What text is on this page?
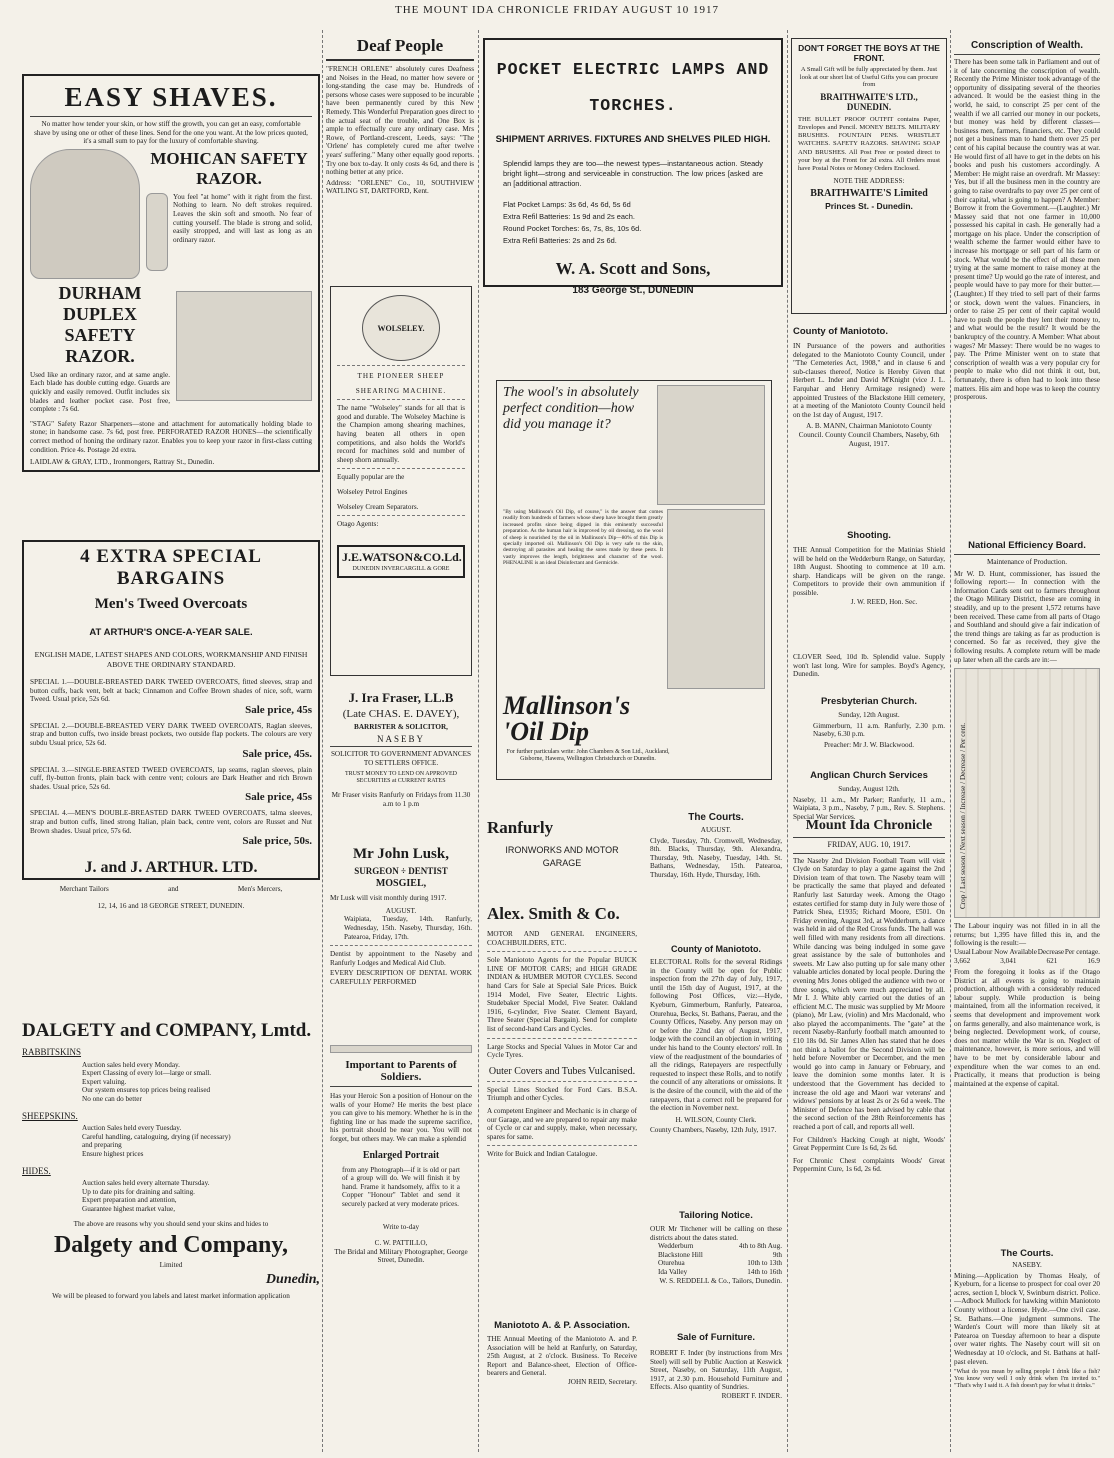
THE MOUNT IDA CHRONICLE FRIDAY AUGUST 10 1917
EASY SHAVES.
No matter how tender your skin, or how stiff the growth, you can get an easy, comfortable shave by using one or other of these lines. Send for the one you want. At the low prices quoted, it's a small sum to pay for the luxury of comfortable shaving.
MOHICAN SAFETY RAZOR.
You feel "at home" with it right from the first. Nothing to learn. No deft strokes required. Leaves the skin soft and smooth. No fear of cutting yourself. The blade is strong and solid, easily stropped, and will last as long as an ordinary razor.
DURHAM DUPLEX SAFETY RAZOR.
Used like an ordinary razor, and at same angle. Each blade has double cutting edge. Guards are quickly and easily removed. Outfit includes six blades and leather pocket case. Post free, complete : 7s 6d.
"STAG" Safety Razor Sharpeners—stone and attachment for automatically holding blade to stone; in handsome case. 7s 6d, post free. PERFORATED RAZOR HONES—the scientifically correct method of honing the ordinary razor. Enables you to keep your razor in first-class cutting condition. Price 4s. Postage 2d extra.
LAIDLAW & GRAY, LTD., Ironmongers, Rattray St., Dunedin.
4 EXTRA SPECIAL BARGAINS
Men's Tweed Overcoats
AT ARTHUR'S ONCE-A-YEAR SALE.
ENGLISH MADE, LATEST SHAPES AND COLORS, WORKMANSHIP AND FINISH ABOVE THE ORDINARY STANDARD.
SPECIAL 1.—DOUBLE-BREASTED DARK TWEED OVERCOATS, fitted sleeves, strap and button cuffs, back vent, belt at back; Cinnamon and Coffee Brown shades of nice, soft, warm Tweed. Usual price, 52s 6d.
Sale price, 45s
SPECIAL 2.—DOUBLE-BREASTED VERY DARK TWEED OVERCOATS, Raglan sleeves, strap and button cuffs, two inside breast pockets, two outside flap pockets. The colours are very subdu Usual price, 52s 6d.
Sale price, 45s.
SPECIAL 3.—SINGLE-BREASTED TWEED OVERCOATS, lap seams, raglan sleeves, plain cuff, fly-button fronts, plain back with centre vent; colours are Dark Heather and rich Brown shades. Usual price, 52s 6d.
Sale price, 45s
SPECIAL 4.—MEN'S DOUBLE-BREASTED DARK TWEED OVERCOATS, talma sleeves, strap and button cuffs, lined strong Italian, plain back, centre vent, colors are Russet and Nut Brown shades. Usual price, 57s 6d.
Sale price, 50s.
J. and J. ARTHUR. LTD.
Merchant Tailors	and	Men's Mercers,
12, 14, 16 and 18 GEORGE STREET, DUNEDIN.
DALGETY and COMPANY, Lmtd.
RABBITSKINS
Auction sales held every Monday.
Expert Classing of every lot—large or small.
Expert valuing.
Our system ensures top prices being realised
No one can do better
SHEEPSKINS.
Auction Sales held every Tuesday.
Careful handling, cataloguing, drying (if necessary)
and preparing
Ensure highest prices
HIDES.
Auction sales held every alternate Thursday.
Up to date pits for draining and salting.
Expert preparation and attention,
Guarantee highest market value,
The above are reasons why you should send your skins and hides to
Dalgety and Company,
Limited
Dunedin,
We will be pleased to forward you labels and latest market information application
Deaf People
"FRENCH ORLENE" absolutely cures Deafness and Noises in the Head, no matter how severe or long-standing the case may be. Hundreds of persons whose cases were supposed to be incurable have been permanently cured by this New Remedy. This Wonderful Preparation goes direct to the actual seat of the trouble, and One Box is ample to effectually cure any ordinary case. Mrs Rowe, of Portland-crescent, Leeds, says: "The 'Orlene' has completely cured me after twelve years' suffering." Many other equally good reports. Try one box to-day. It only costs 4s 6d, and there is nothing better at any price.
Address: "ORLENE" Co., 10, SOUTHVIEW WATLING ST, DARTFORD, Kent.
WOLSELEY.
THE PIONEER SHEEP
SHEARING MACHINE.
The name "Wolseley" stands for all that is good and durable. The Wolseley Machine is the Champion among shearing machines, having beaten all others in open competitions, and also holds the World's record for machines sold and number of sheep shorn annually.
Equally popular are the
Wolseley Petrol Engines
Wolseley Cream Separators.
Otago Agents:
J.E.WATSON&CO.Ld.
DUNEDIN INVERCARGILL & GORE
J. Ira Fraser, LL.B
(Late CHAS. E. DAVEY),
BARRISTER & SOLICITOR,
NASEBY
SOLICITOR TO GOVERNMENT ADVANCES TO SETTLERS OFFICE.
TRUST MONEY TO LEND ON APPROVED SECURITIES at CURRENT RATES
Mr Fraser visits Ranfurly on Fridays from 11.30 a.m to 1 p.m
Mr John Lusk,
SURGEON ÷ DENTIST
MOSGIEL,
Mr Lusk will visit monthly during 1917.
AUGUST.
Waipiata, Tuesday, 14th. Ranfurly, Wednesday, 15th. Naseby, Thursday, 16th. Patearoa, Friday, 17th.
Dentist by appointment to the Naseby and Ranfurly Lodges and Medical Aid Club.
EVERY DESCRIPTION OF DENTAL WORK CAREFULLY PERFORMED
Important to Parents of Soldiers.
Has your Heroic Son a position of Honour on the walls of your Home? He merits the best place you can give to his memory. Whether he is in the fighting line or has made the supreme sacrifice, his portrait should be near you. You will not forget, but others may. We can make a splendid
Enlarged Portrait
from any Photograph—if it is old or part of a group will do. We will finish it by hand. Frame it handsomely, affix to it a Copper "Honour" Tablet and send it securely packed at very moderate prices.
Write to-day
C. W. PATTILLO,
The Bridal and Military Photographer, George Street, Dunedin.
POCKET ELECTRIC LAMPS AND TORCHES.
SHIPMENT ARRIVES. FIXTURES AND SHELVES PILED HIGH.
Splendid lamps they are too—the newest types—instantaneous action. Steady bright light—strong and serviceable in construction. The low prices [asked are an [additional attraction.
Flat Pocket Lamps: 3s 6d, 4s 6d, 5s 6d
Extra Refil Batteries: 1s 9d and 2s each.
Round Pocket Torches: 6s, 7s, 8s, 10s 6d.
Extra Refil Batteries: 2s and 2s 6d.
W. A. Scott and Sons,
183 George St., DUNEDIN
The wool's in absolutely perfect condition—how did you manage it?
"By using Mallinson's Oil Dip, of course," is the answer that comes readily from hundreds of farmers whose sheep have brought them greatly increased profits since being dipped in this eminently successful preparation. As the human hair is improved by oil dressing, so the wool of sheep is nourished by the oil in Mallinson's Dip—80% of this Dip is specially imported oil. Mallinson's Oil Dip is very safe to the skin, destroying all parasites and healing the sores made by these pests. It vastly improves the length, brightness and character of the wool. PHENALINE is an ideal Disinfectant and Germicide.
Mallinson's 'Oil Dip
For further particulars write: John Chambers & Son Ltd., Auckland, Gisborne, Hawera, Wellington Christchurch or Dunedin.
Ranfurly
IRONWORKS AND MOTOR GARAGE
The Courts.
AUGUST.
Clyde, Tuesday, 7th. Cromwell, Wednesday, 8th. Blacks, Thursday, 9th. Alexandra, Thursday, 9th. Naseby, Tuesday, 14th. St. Bathans, Wednesday, 15th. Patearoa, Thursday, 16th. Hyde, Thursday, 16th.
Alex. Smith & Co.
MOTOR AND GENERAL ENGINEERS, COACHBUILDERS, ETC.
Sole Maniototo Agents for the Popular BUICK LINE OF MOTOR CARS; and HIGH GRADE INDIAN & HUMBER MOTOR CYCLES. Second hand Cars for Sale at Special Sale Prices. Buick 1914 Model, Five Seater, Electric Lights. Studebaker Special Model, Five Seater. Oakland 1916, 6-cylinder, Five Seater. Clement Bayard, Three Seater (Special Bargain). Send for complete list of second-hand Cars and Cycles.
Large Stocks and Special Values in Motor Car and Cycle Tyres.
Outer Covers and Tubes Vulcanised.
Special Lines Stocked for Ford Cars. B.S.A. Triumph and other Cycles.
A competent Engineer and Mechanic is in charge of our Garage, and we are prepared to repair any make of Cycle or car and supply, make, when necessary, spares for same.
Write for Buick and Indian Catalogue.
County of Maniototo.
ELECTORAL Rolls for the several Ridings in the County will be open for Public inspection from the 27th day of July, 1917, until the 15th day of August, 1917, at the following Post Offices, viz:—Hyde, Kyeburn, Gimmerburn, Ranfurly, Patearoa, Oturehua, Becks, St. Bathans, Paerau, and the County Offices, Naseby. Any person may on or before the 22nd day of August, 1917, lodge with the council an objection in writing under his hand to the County electors' roll. In view of the readjustment of the boundaries of all the ridings, Ratepayers are respectfully requested to inspect these Rolls, and to notify the council of any alterations or omissions. It is the desire of the council, with the aid of the ratepayers, that a correct roll be prepared for the election in November next.
H. WILSON, County Clerk.
County Chambers, Naseby, 12th July, 1917.
Tailoring Notice.
OUR Mr Titchener will be calling on these districts about the dates stated.
Wedderburn	4th to 8th Aug.
Blackstone Hill	9th
Oturehua	10th to 13th
Ida Valley	14th to 16th
W. S. REDDELL & Co., Tailors, Dunedin.
Maniototo A. & P. Association.
THE Annual Meeting of the Maniototo A. and P. Association will be held at Ranfurly, on Saturday, 25th August, at 2 o'clock. Business. To Receive Report and Balance-sheet, Election of Office-bearers and General.
JOHN REID, Secretary.
Sale of Furniture.
ROBERT F. Inder (by instructions from Mrs Steel) will sell by Public Auction at Keswick Street, Naseby, on Saturday, 11th August, 1917, at 2.30 p.m. Household Furniture and Effects. Also quantity of Sundries.
ROBERT F. INDER.
DON'T FORGET THE BOYS AT THE FRONT.
A Small Gift will be fully appreciated by them. Just look at our short list of Useful Gifts you can procure from
BRAITHWAITE'S LTD., DUNEDIN.
THE BULLET PROOF OUTFIT contains Paper, Envelopes and Pencil. MONEY BELTS. MILITARY BRUSHES. FOUNTAIN PENS. WRISTLET WATCHES. SAFETY RAZORS. SHAVING SOAP AND BRUSHES. All Post Free or posted direct to your boy at the Front for 2d extra. All Orders must have Postal Notes or Money Orders Enclosed.
NOTE THE ADDRESS:
BRAITHWAITE'S Limited
Princes St. - Dunedin.
County of Maniototo.
IN Pursuance of the powers and authorities delegated to the Maniototo County Council, under "The Cemeteries Act, 1908," and in clause 6 and sub-clauses thereof, Notice is Hereby Given that Herbert L. Inder and David M'Knight (vice J. L. Farquhar and Henry Armitage resigned) were appointed Trustees of the Blackstone Hill cemetery, at a meeting of the Maniototo County Council held on the 1st day of August, 1917.
A. B. MANN, Chairman Maniototo County Council. County Council Chambers, Naseby, 6th August, 1917.
Shooting.
THE Annual Competition for the Matinias Shield will be held on the Wedderburn Range, on Saturday, 18th August. Shooting to commence at 10 a.m. sharp. Handicaps will be given on the range. Competitors to provide their own ammunition if possible.
J. W. REED, Hon. Sec.
CLOVER Seed, 10d lb. Splendid value. Supply won't last long. Wire for samples. Boyd's Agency, Dunedin.
Presbyterian Church.
Sunday, 12th August.
Gimmerburn, 11 a.m. Ranfurly, 2.30 p.m. Naseby, 6.30 p.m.
Preacher: Mr J. W. Blackwood.
Anglican Church Services
Sunday, August 12th.
Naseby, 11 a.m., Mr Parker; Ranfurly, 11 a.m., Waipiata, 3 p.m., Naseby, 7 p.m., Rev. S. Stephens. Special War Services.
Mount Ida Chronicle
FRIDAY, AUG. 10, 1917.
The Naseby 2nd Division Football Team will visit Clyde on Saturday to play a game against the 2nd Division team of that town. The Naseby team will be practically the same that played and defeated Ranfurly last Saturday week. Among the Otago estates certified for stamp duty in July were those of Patrick Shea, £1935; Richard Moore, £501. On Friday evening, August 3rd, at Wedderburn, a dance was held in aid of the Red Cross funds. The hall was well filled with many residents from all directions. While dancing was being indulged in some gave great assistance by the sale of buttonholes and sweets. Mr Law also putting up for sale many other valuable articles donated by local people. During the evening Mrs Jones obliged the audience with two or three songs, which were much appreciated by all. Mr I. J. White ably carried out the duties of an efficient M.C. The music was supplied by Mr Moore (piano), Mr Law, (violin) and Mrs Macdonald, who also played the accompaniments. The "gate" at the recent Naseby-Ranfurly football match amounted to £10 18s 0d. Sir James Allen has stated that he does not think a ballot for the Second Division will be held before November or December, and the men would go into camp in January or February, and leave the dominion some months later. It is understood that the Government has decided to increase the old age and Maori war veterans' and widows' pensions by at least 2s or 2s 6d a week. The Minister of Defence has been advised by cable that the second section of the 28th Reinforcements has reached a port of call, and reports all well.
For Children's Hacking Cough at night, Woods' Great Peppermint Cure 1s 6d, 2s 6d.
For Chronic Chest complaints Woods' Great Peppermint Cure, 1s 6d, 2s 6d.
Conscription of Wealth.
There has been some talk in Parliament and out of it of late concerning the conscription of wealth. Recently the Prime Minister took advantage of the opportunity of dissipating several of the theories advanced. It would be the easiest thing in the world, he said, to conscript 25 per cent of the wealth if we all carried our money in our pockets, but money was held by different classes—business men, farmers, financiers, etc. They could not get a business man to hand them over 25 per cent of his capital because the country was at war. He would first of all have to get in the debts on his books and push his customers accordingly. A Member: He might raise an overdraft. Mr Massey: Yes, but if all the business men in the country are going to raise overdrafts to pay over 25 per cent of their capital, what is going to happen? A Member: Borrow it from the Government.—(Laughter.) Mr Massey said that not one farmer in 10,000 possessed his capital in cash. He generally had a mortgage on his place. Under the conscription of wealth scheme the farmer would either have to increase his mortgage or sell part of his farm or stock. What would be the effect of all these men trying at the same moment to raise money at the present time? Up would go the rate of interest, and people would have to pay more for their butter.—(Laughter.) If they tried to sell part of their farms or stock, down went the values. Financiers, in order to raise 25 per cent of their capital would have to push the people they lent their money to, and what would be the result? It would be the bankruptcy of the country. A Member: What about wages? Mr Massey: There would be no wages to pay. The Prime Minister went on to state that conscription of wealth was a very popular cry for people to make who did not think it out, but, fortunately, there is often had to look into these matters. His aim and hope was to keep the country prosperous.
National Efficiency Board.
Maintenance of Production.
Mr W. D. Hunt, commissioner, has issued the following report:— In connection with the Information Cards sent out to farmers throughout the Otago Military District, these are coming in steadily, and up to the present 1,572 returns have been received. These came from all parts of Otago and Southland and should give a fair indication of the trend things are taking as far as production is concerned. So far as received, they give the following results. A complete return will be made up later when all the cards are in:—
Crop / Last season / Next season / Increase / Decrease / Per cent.
The Labour inquiry was not filled in in all the returns; but 1,395 have filled this in, and the following is the result:—
Usual Labour Now Available Decrease Per centage.
3,662	3,041	621	16.9
From the foregoing it looks as if the Otago District at all events is going to maintain production, although with a considerably reduced labour supply. While production is being maintained, from all the information received, it seems that development and improvement work on farms generally, and also maintenance work, is being neglected. Development work, of course, does not matter while the War is on. Neglect of maintenance, however, is more serious, and will have to be met by considerable labour and expenditure when the war comes to an end. Practically, it means that production is being maintained at the expense of capital.
The Courts.
NASEBY.
Mining.—Application by Thomas Healy, of Kyeburn, for a license to prospect for coal over 20 acres, section I, block V, Swinburn district. Police.—Adbock Mullock for hawking within Maniototo County without a license. Hyde.—One civil case. St. Bathans.—One judgment summons. The Warden's Court will more than likely sit at Patearoa on Tuesday afternoon to hear a dispute over water rights. The Naseby court will sit on Wednesday at 10 o'clock, and St. Bathans at half-past eleven.
"What do you mean by selling people I drink like a fish? You know very well I only drink when I'm invited to." "That's why I said it. A fish doesn't pay for what it drinks."
